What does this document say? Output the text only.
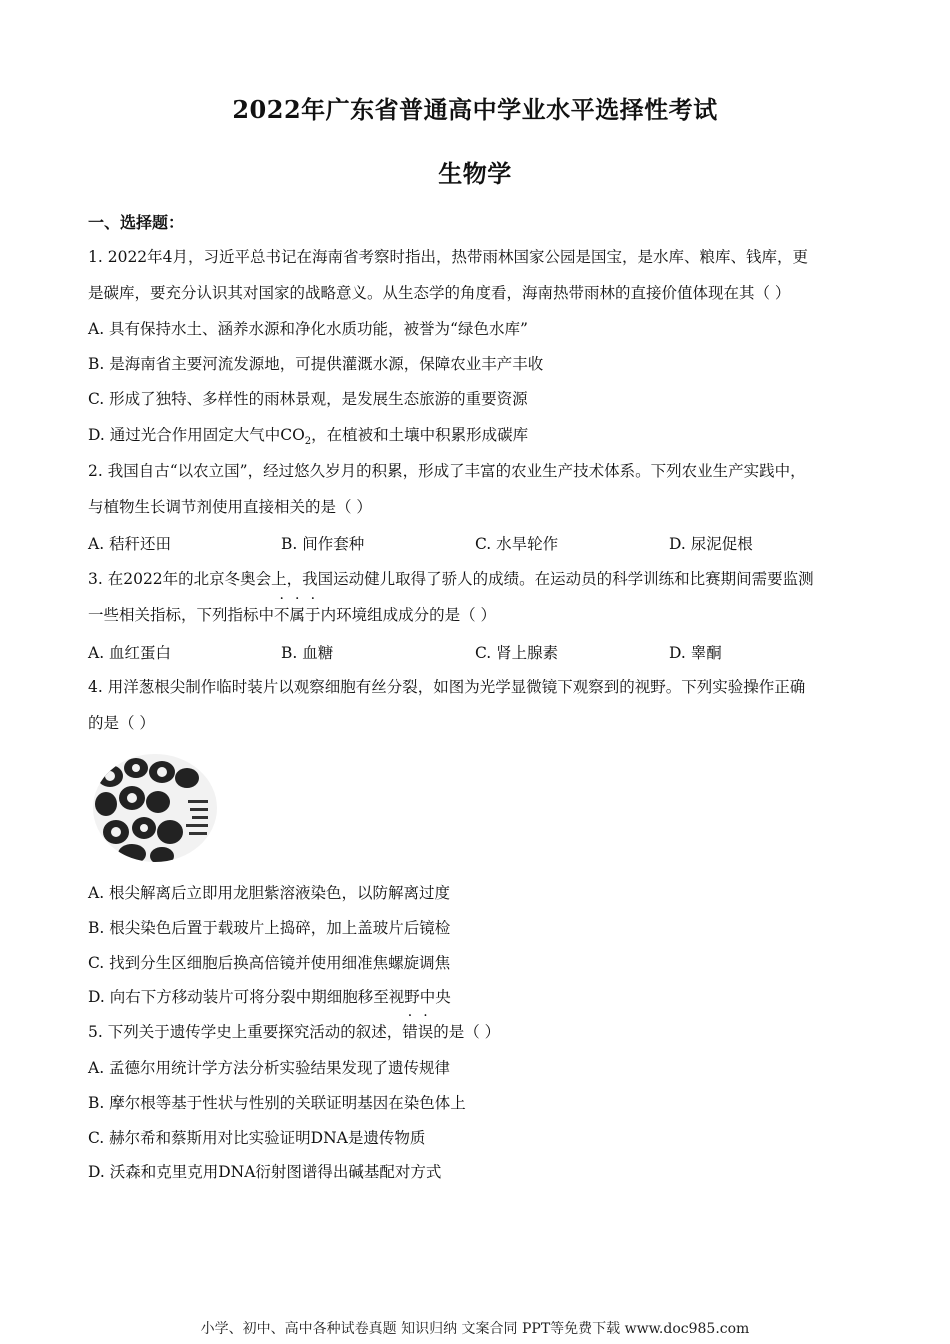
2022年广东省普通高中学业水平选择性考试
生物学
一、选择题：
1. 2022年4月，习近平总书记在海南省考察时指出，热带雨林国家公园是国宝，是水库、粮库、钱库，更
是碳库，要充分认识其对国家的战略意义。从生态学的角度看，海南热带雨林的直接价值体现在其（ ）
A. 具有保持水土、涵养水源和净化水质功能，被誉为“绿色水库”
B. 是海南省主要河流发源地，可提供灌溉水源，保障农业丰产丰收
C. 形成了独特、多样性的雨林景观，是发展生态旅游的重要资源
D. 通过光合作用固定大气中$CO_2$，在植被和土壤中积累形成碳库
2. 我国自古“以农立国”，经过悠久岁月的积累，形成了丰富的农业生产技术体系。下列农业生产实践中，
与植物生长调节剂使用直接相关的是（ ）
A. 秸秆还田	B. 间作套种	C. 水旱轮作	D. 尿泥促根
3. 在2022年的北京冬奥会上，我国运动健儿取得了骄人的成绩。在运动员的科学训练和比赛期间需要监测
一些相关指标，下列指标中不属于内环境组成成分的是（ ）
A. 血红蛋白	B. 血糖	C. 肾上腺素	D. 睾酮
4. 用洋葱根尖制作临时装片以观察细胞有丝分裂，如图为光学显微镜下观察到的视野。下列实验操作正确
的是（ ）
A. 根尖解离后立即用龙胆紫溶液染色，以防解离过度
B. 根尖染色后置于载玻片上捣碎，加上盖玻片后镜检
C. 找到分生区细胞后换高倍镜并使用细准焦螺旋调焦
D. 向右下方移动装片可将分裂中期细胞移至视野中央
5. 下列关于遗传学史上重要探究活动的叙述，错误的是（ ）
A. 孟德尔用统计学方法分析实验结果发现了遗传规律
B. 摩尔根等基于性状与性别的关联证明基因在染色体上
C. 赫尔希和蔡斯用对比实验证明DNA是遗传物质
D. 沃森和克里克用DNA衍射图谱得出碱基配对方式
小学、初中、高中各种试卷真题 知识归纳 文案合同 PPT等免费下载 www.doc985.com
